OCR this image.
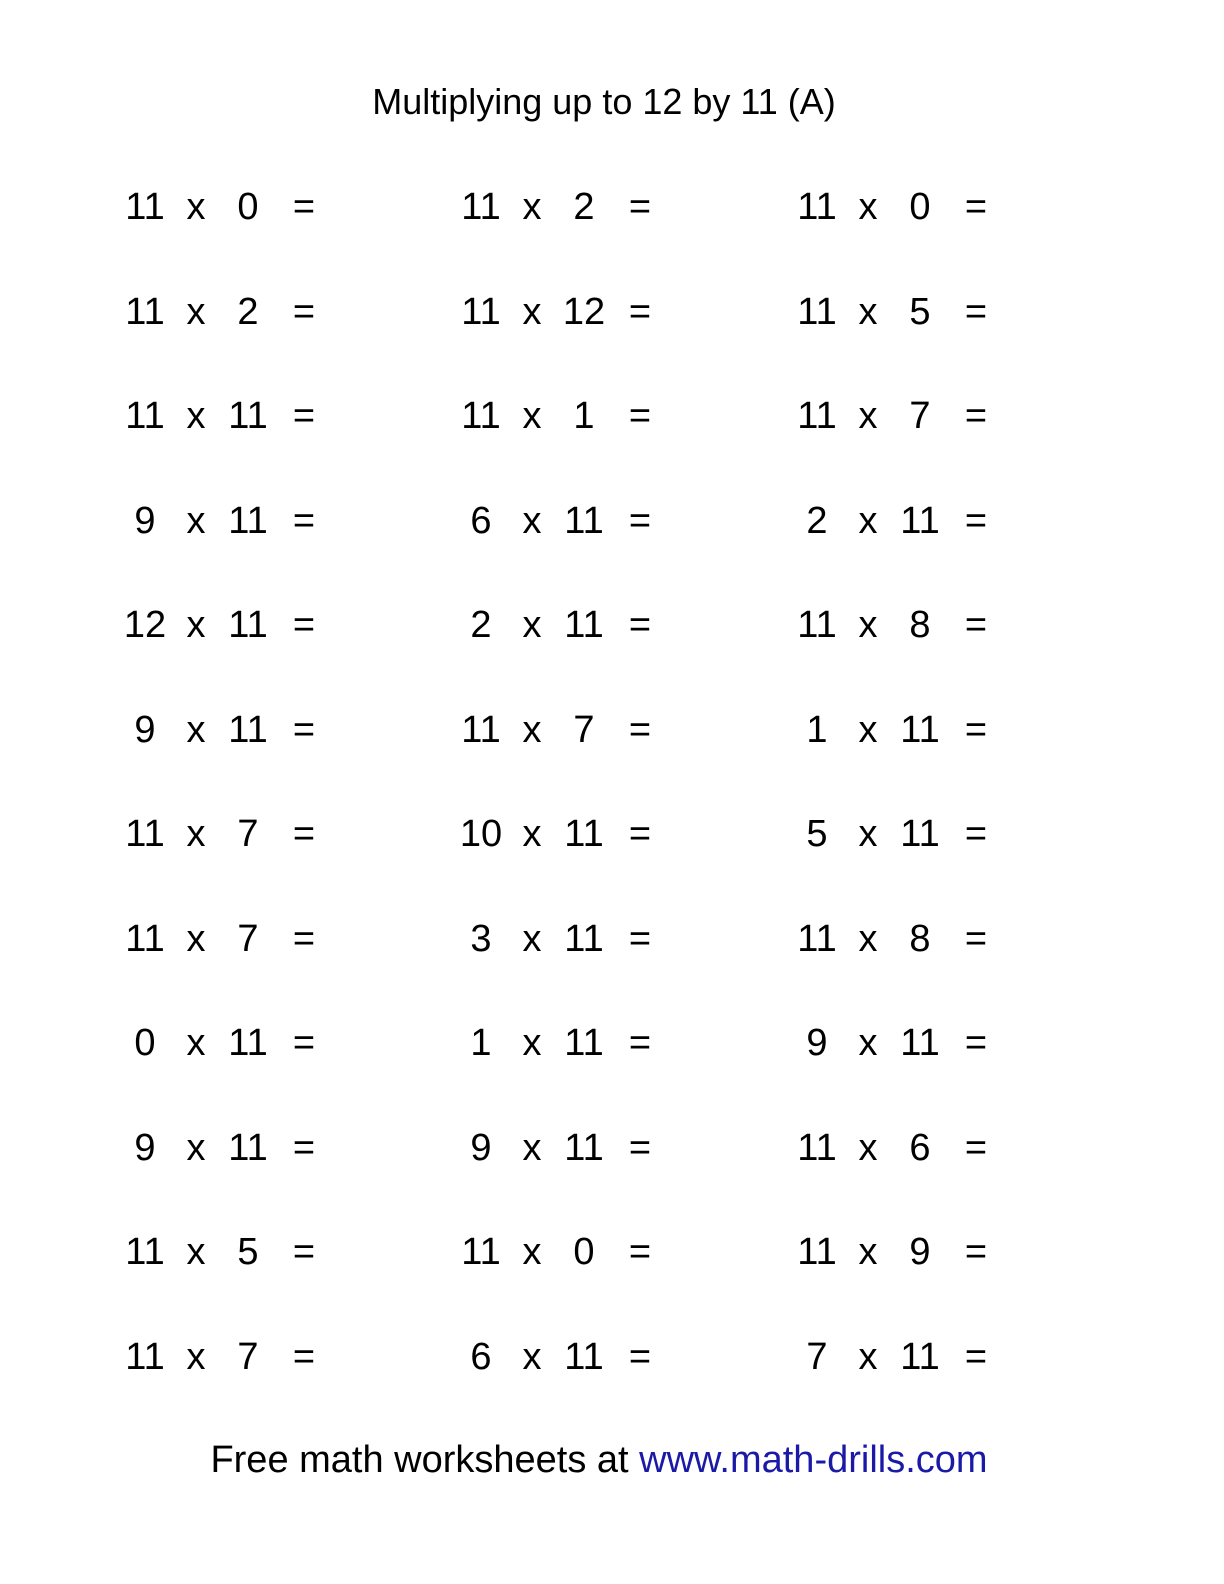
Multiplying up to 12 by 11 (A)
11 x 0 =	11 x 2 =	11 x 0 =
11 x 2 =	11 x 12 =	11 x 5 =
11 x 11 =	11 x 1 =	11 x 7 =
9 x 11 =	6 x 11 =	2 x 11 =
12 x 11 =	2 x 11 =	11 x 8 =
9 x 11 =	11 x 7 =	1 x 11 =
11 x 7 =	10 x 11 =	5 x 11 =
11 x 7 =	3 x 11 =	11 x 8 =
0 x 11 =	1 x 11 =	9 x 11 =
9 x 11 =	9 x 11 =	11 x 6 =
11 x 5 =	11 x 0 =	11 x 9 =
11 x 7 =	6 x 11 =	7 x 11 =
Free math worksheets at www.math-drills.com
